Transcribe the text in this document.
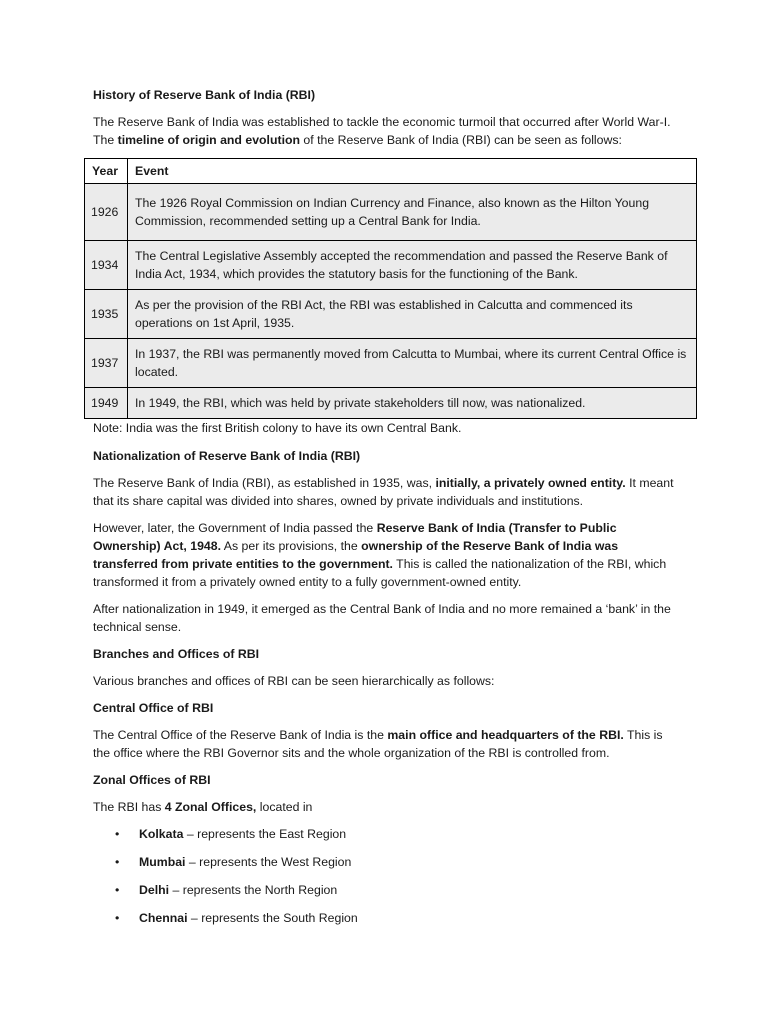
History of Reserve Bank of India (RBI)
The Reserve Bank of India was established to tackle the economic turmoil that occurred after World War-I. The timeline of origin and evolution of the Reserve Bank of India (RBI) can be seen as follows:
Year	Event
1926	The 1926 Royal Commission on Indian Currency and Finance, also known as the Hilton Young Commission, recommended setting up a Central Bank for India.
1934	The Central Legislative Assembly accepted the recommendation and passed the Reserve Bank of India Act, 1934, which provides the statutory basis for the functioning of the Bank.
1935	As per the provision of the RBI Act, the RBI was established in Calcutta and commenced its operations on 1st April, 1935.
1937	In 1937, the RBI was permanently moved from Calcutta to Mumbai, where its current Central Office is located.
1949	In 1949, the RBI, which was held by private stakeholders till now, was nationalized.
Note: India was the first British colony to have its own Central Bank.
Nationalization of Reserve Bank of India (RBI)
The Reserve Bank of India (RBI), as established in 1935, was, initially, a privately owned entity. It meant that its share capital was divided into shares, owned by private individuals and institutions.
However, later, the Government of India passed the Reserve Bank of India (Transfer to Public Ownership) Act, 1948. As per its provisions, the ownership of the Reserve Bank of India was transferred from private entities to the government. This is called the nationalization of the RBI, which transformed it from a privately owned entity to a fully government-owned entity.
After nationalization in 1949, it emerged as the Central Bank of India and no more remained a ‘bank’ in the technical sense.
Branches and Offices of RBI
Various branches and offices of RBI can be seen hierarchically as follows:
Central Office of RBI
The Central Office of the Reserve Bank of India is the main office and headquarters of the RBI. This is the office where the RBI Governor sits and the whole organization of the RBI is controlled from.
Zonal Offices of RBI
The RBI has 4 Zonal Offices, located in
• Kolkata – represents the East Region
• Mumbai – represents the West Region
• Delhi – represents the North Region
• Chennai – represents the South Region
